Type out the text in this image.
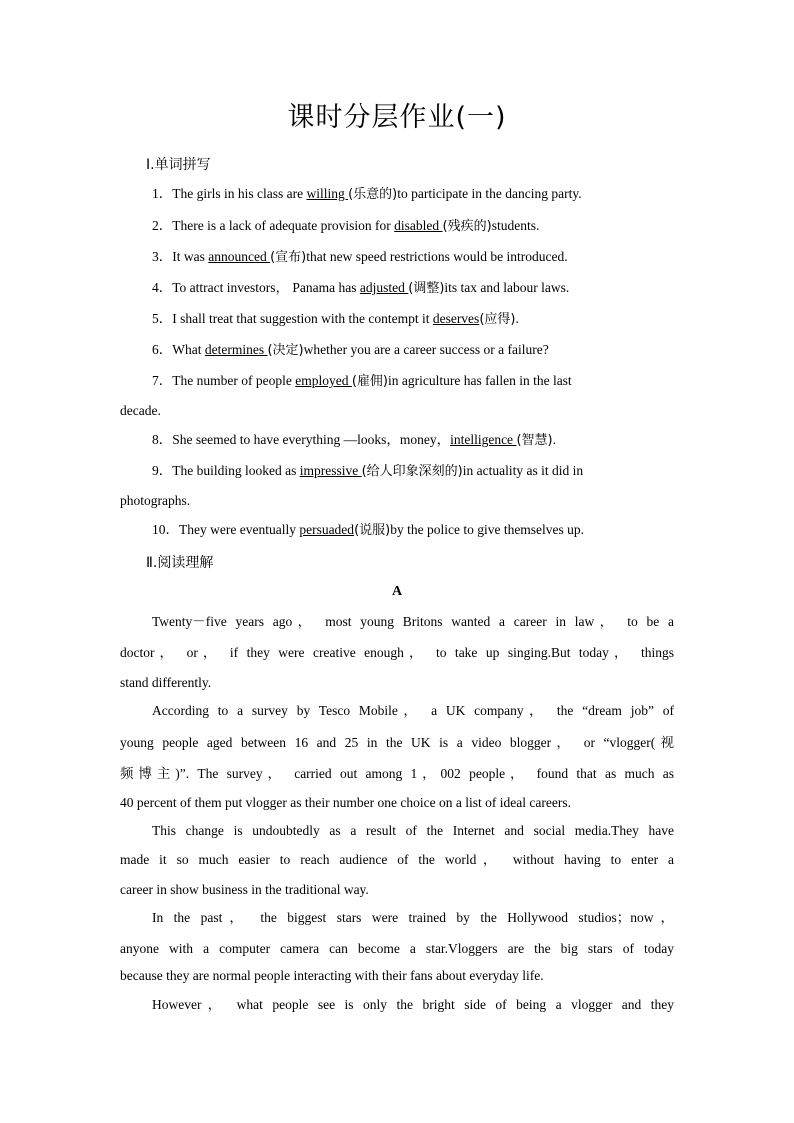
课时分层作业(一)
Ⅰ.单词拼写
1．The girls in his class are willing (乐意的)to participate in the dancing party.
2．There is a lack of adequate provision for disabled (残疾的)students.
3．It was announced (宣布)that new speed restrictions would be introduced.
4．To attract investors， Panama has adjusted (调整)its tax and labour laws.
5．I shall treat that suggestion with the contempt it deserves(应得).
6．What determines (决定)whether you are a career success or a failure?
7．The number of people employed (雇佣)in agriculture has fallen in the last
decade.
8．She seemed to have everything —looks，money，intelligence (智慧).
9．The building looked as impressive (给人印象深刻的)in actuality as it did in
photographs.
10．They were eventually persuaded(说服)by the police to give themselves up.
Ⅱ.阅读理解
A
Twenty－five years ago， most young Britons wanted a career in law， to be a
doctor， or， if they were creative enough， to take up singing.But today， things
stand differently.
According to a survey by Tesco Mobile， a UK company， the “dream job” of
young people aged between 16 and 25 in the UK is a video blogger， or “vlogger(视
频博主)”. The survey， carried out among 1，002 people， found that as much as
40 percent of them put vlogger as their number one choice on a list of ideal careers.
This change is undoubtedly as a result of the Internet and social media.They have
made it so much easier to reach audience of the world， without having to enter a
career in show business in the traditional way.
In the past， the biggest stars were trained by the Hollywood studios；now，
anyone with a computer camera can become a star.Vloggers are the big stars of today
because they are normal people interacting with their fans about everyday life.
However， what people see is only the bright side of being a vlogger and they
